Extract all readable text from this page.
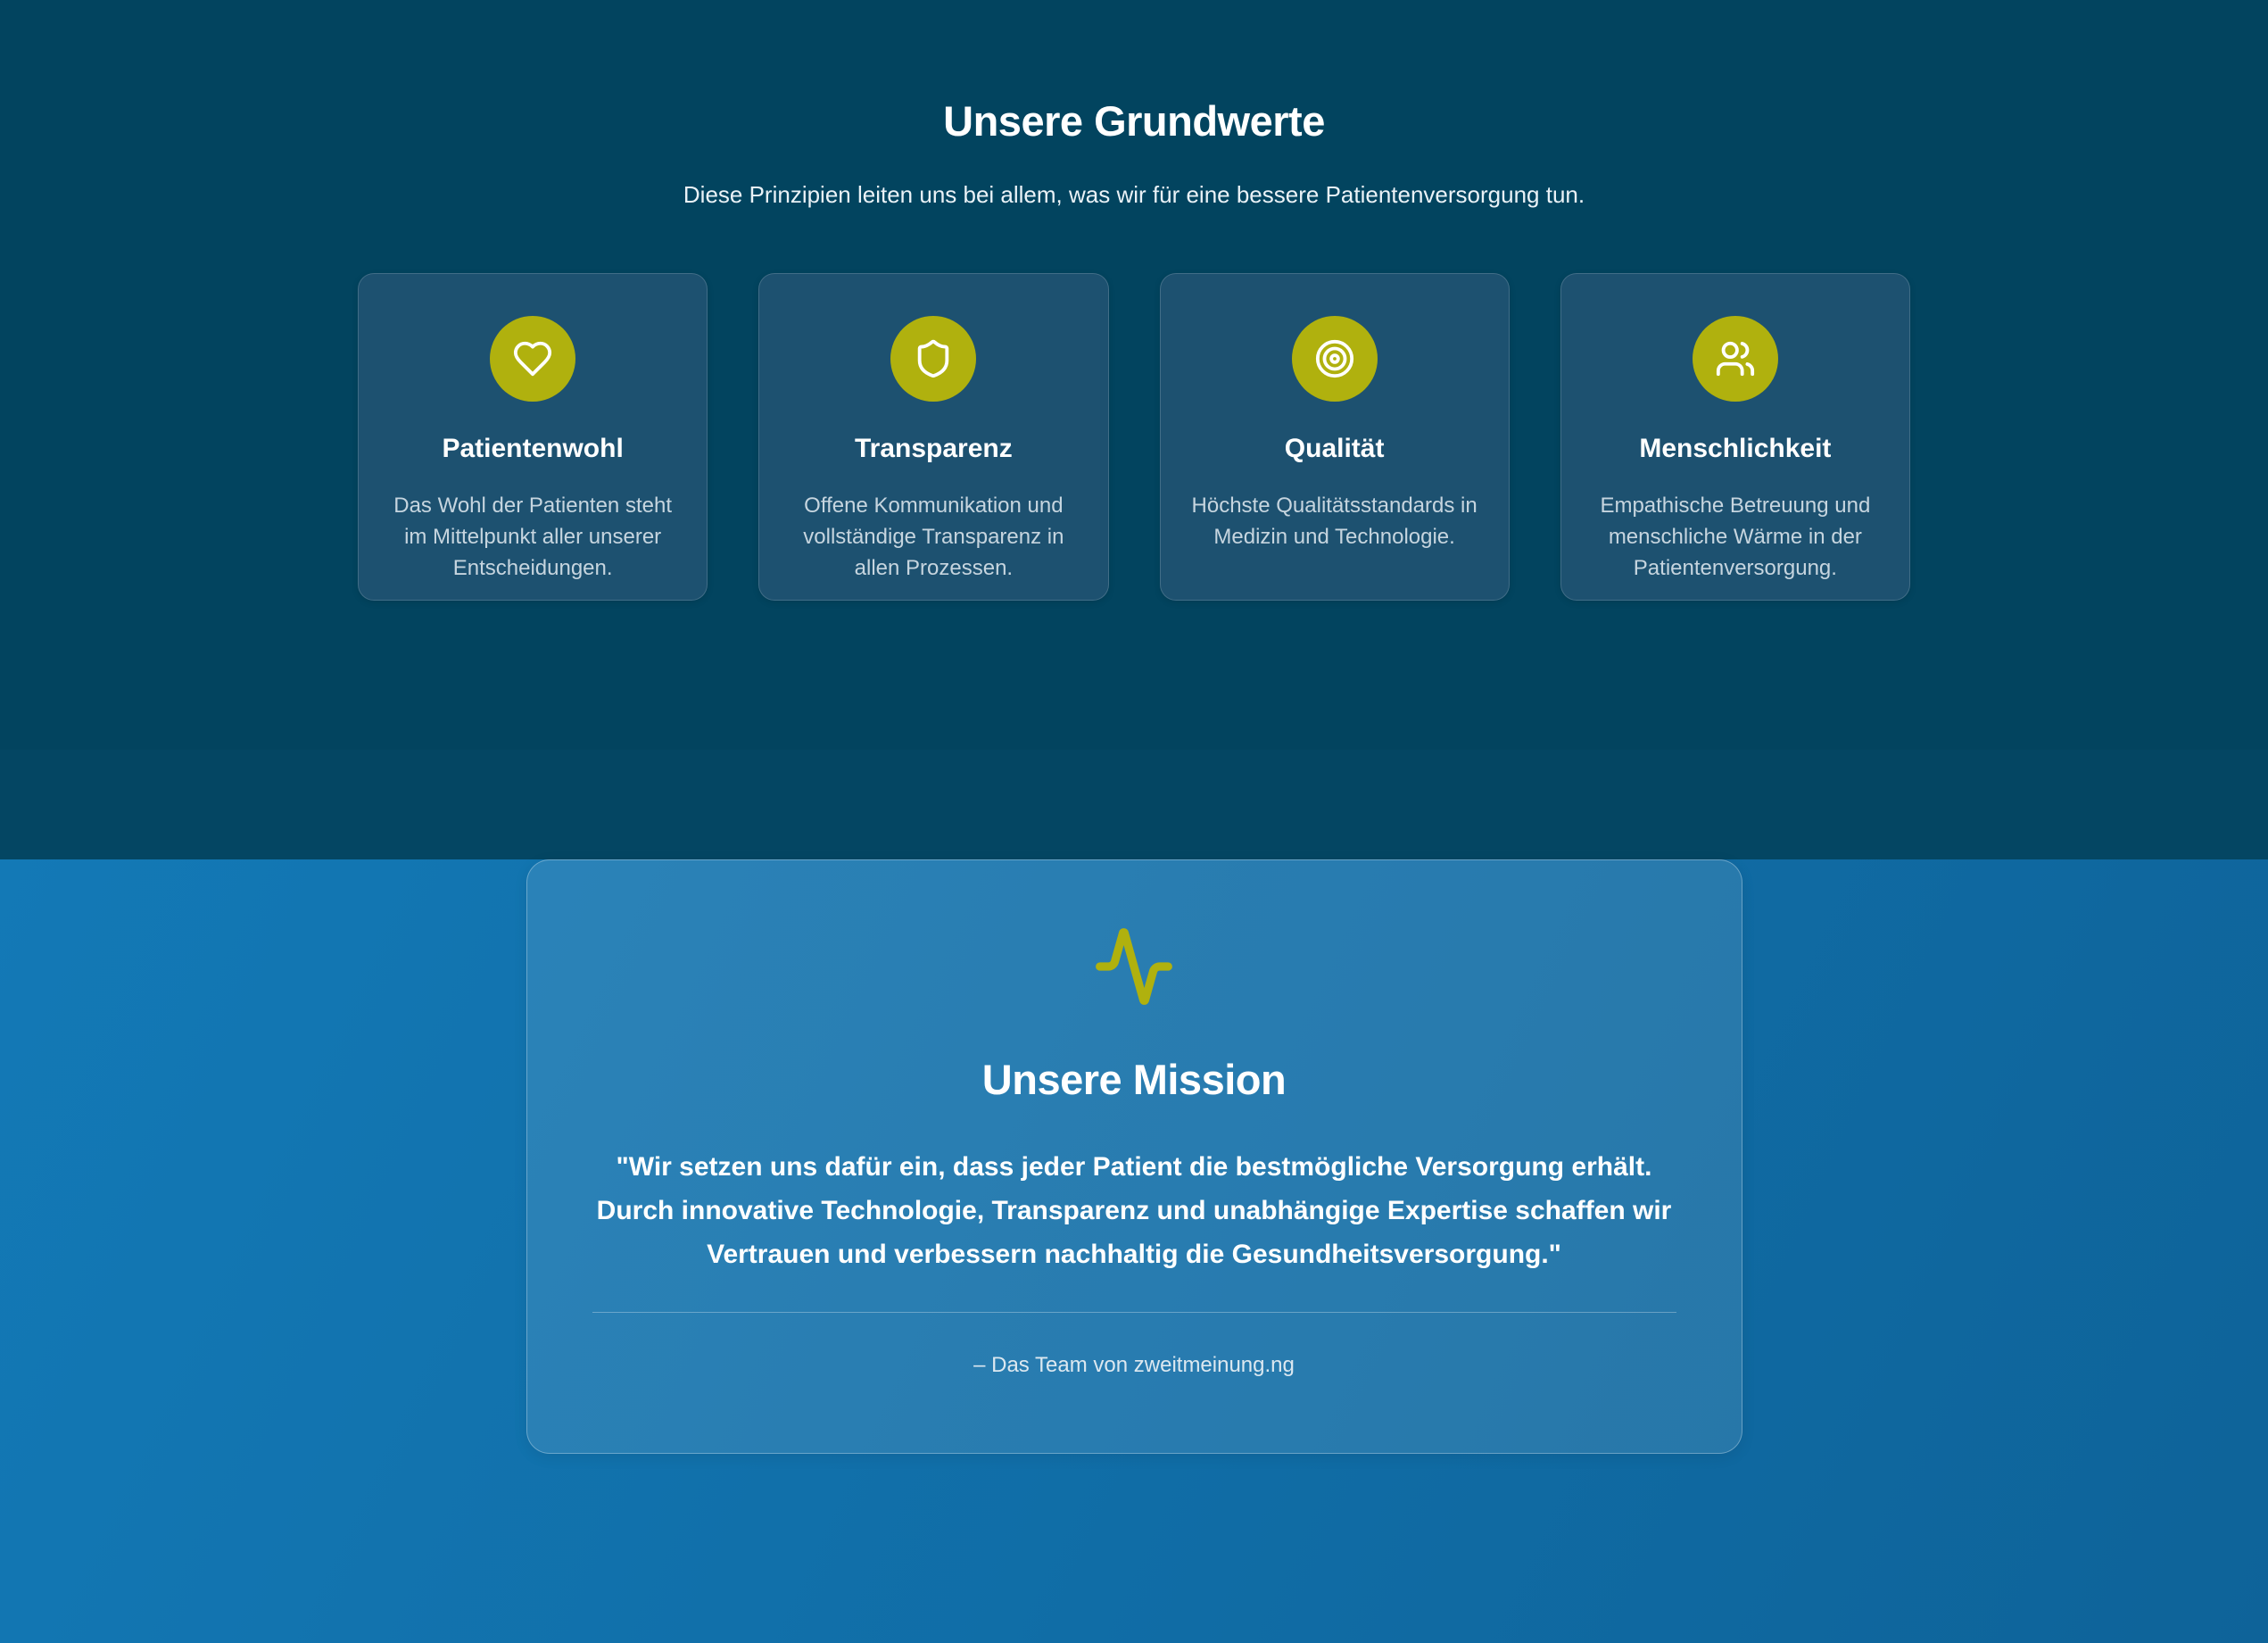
Unsere Grundwerte

Diese Prinzipien leiten uns bei allem, was wir für eine bessere Patientenversorgung tun.

Patientenwohl

Das Wohl der Patienten steht im Mittelpunkt aller unserer Entscheidungen.

Transparenz

Offene Kommunikation und vollständige Transparenz in allen Prozessen.

Qualität

Höchste Qualitätsstandards in Medizin und Technologie.

Menschlichkeit

Empathische Betreuung und menschliche Wärme in der Patientenversorgung.

Unsere Mission

"Wir setzen uns dafür ein, dass jeder Patient die bestmögliche Versorgung erhält. Durch innovative Technologie, Transparenz und unabhängige Expertise schaffen wir Vertrauen und verbessern nachhaltig die Gesundheitsversorgung."

– Das Team von zweitmeinung.ng
